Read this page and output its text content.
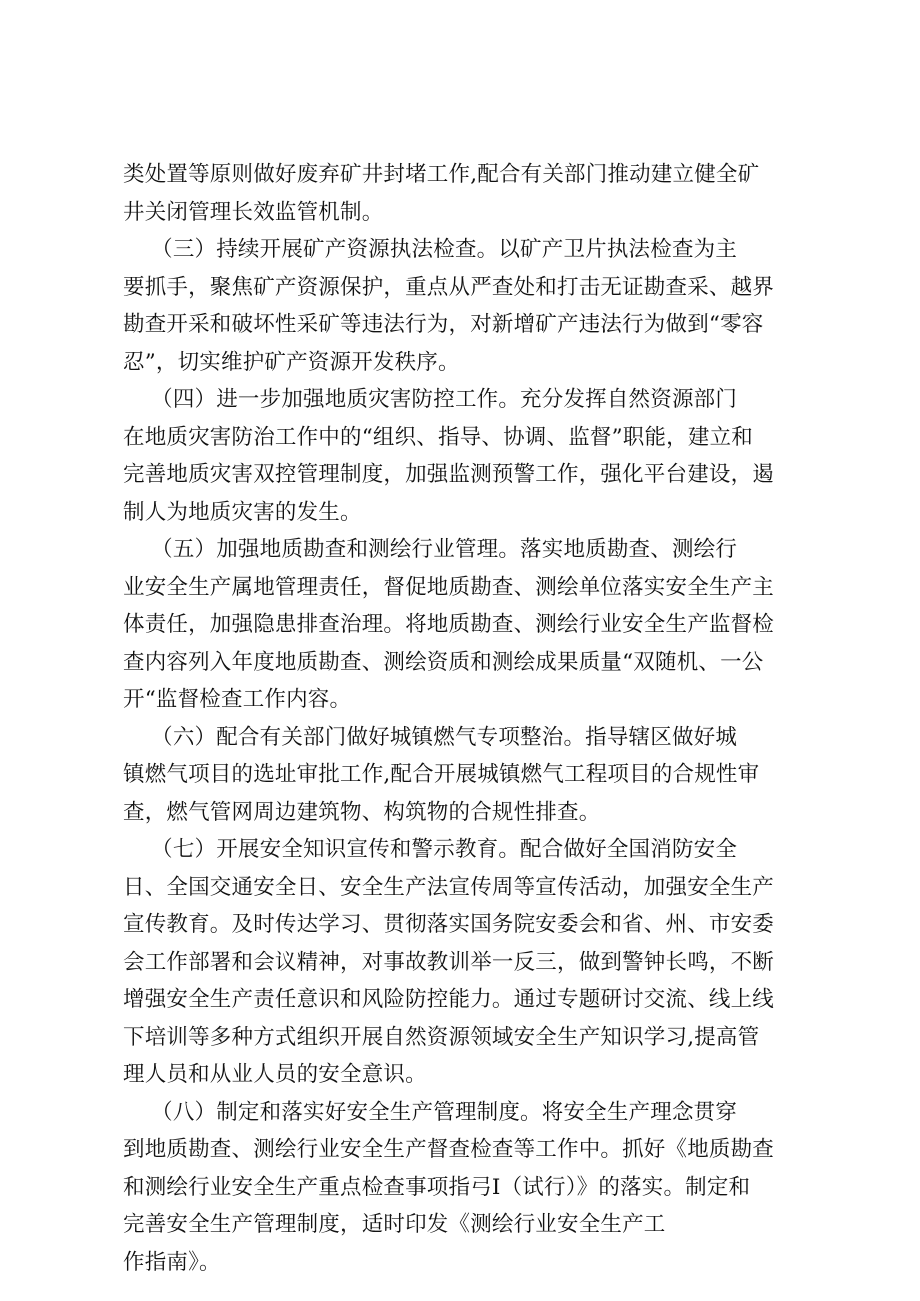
类处置等原则做好废弃矿井封堵工作,配合有关部门推动建立健全矿
井关闭管理长效监管机制。
（三）持续开展矿产资源执法检查。以矿产卫片执法检查为主
要抓手，聚焦矿产资源保护，重点从严查处和打击无证勘查采、越界
勘查开采和破坏性采矿等违法行为，对新增矿产违法行为做到“零容
忍”，切实维护矿产资源开发秩序。
（四）进一步加强地质灾害防控工作。充分发挥自然资源部门
在地质灾害防治工作中的“组织、指导、协调、监督”职能，建立和
完善地质灾害双控管理制度，加强监测预警工作，强化平台建设，遏
制人为地质灾害的发生。
（五）加强地质勘查和测绘行业管理。落实地质勘查、测绘行
业安全生产属地管理责任，督促地质勘查、测绘单位落实安全生产主
体责任，加强隐患排查治理。将地质勘查、测绘行业安全生产监督检
查内容列入年度地质勘查、测绘资质和测绘成果质量“双随机、一公
开“监督检查工作内容。
（六）配合有关部门做好城镇燃气专项整治。指导辖区做好城
镇燃气项目的选址审批工作,配合开展城镇燃气工程项目的合规性审
查，燃气管网周边建筑物、构筑物的合规性排查。
（七）开展安全知识宣传和警示教育。配合做好全国消防安全
日、全国交通安全日、安全生产法宣传周等宣传活动，加强安全生产
宣传教育。及时传达学习、贯彻落实国务院安委会和省、州、市安委
会工作部署和会议精神，对事故教训举一反三，做到警钟长鸣，不断
增强安全生产责任意识和风险防控能力。通过专题研讨交流、线上线
下培训等多种方式组织开展自然资源领域安全生产知识学习,提高管
理人员和从业人员的安全意识。
（八）制定和落实好安全生产管理制度。将安全生产理念贯穿
到地质勘查、测绘行业安全生产督查检查等工作中。抓好《地质勘查
和测绘行业安全生产重点检查事项指弓I（试行）》的落实。制定和
完善安全生产管理制度，适时印发《测绘行业安全生产工
作指南》。
